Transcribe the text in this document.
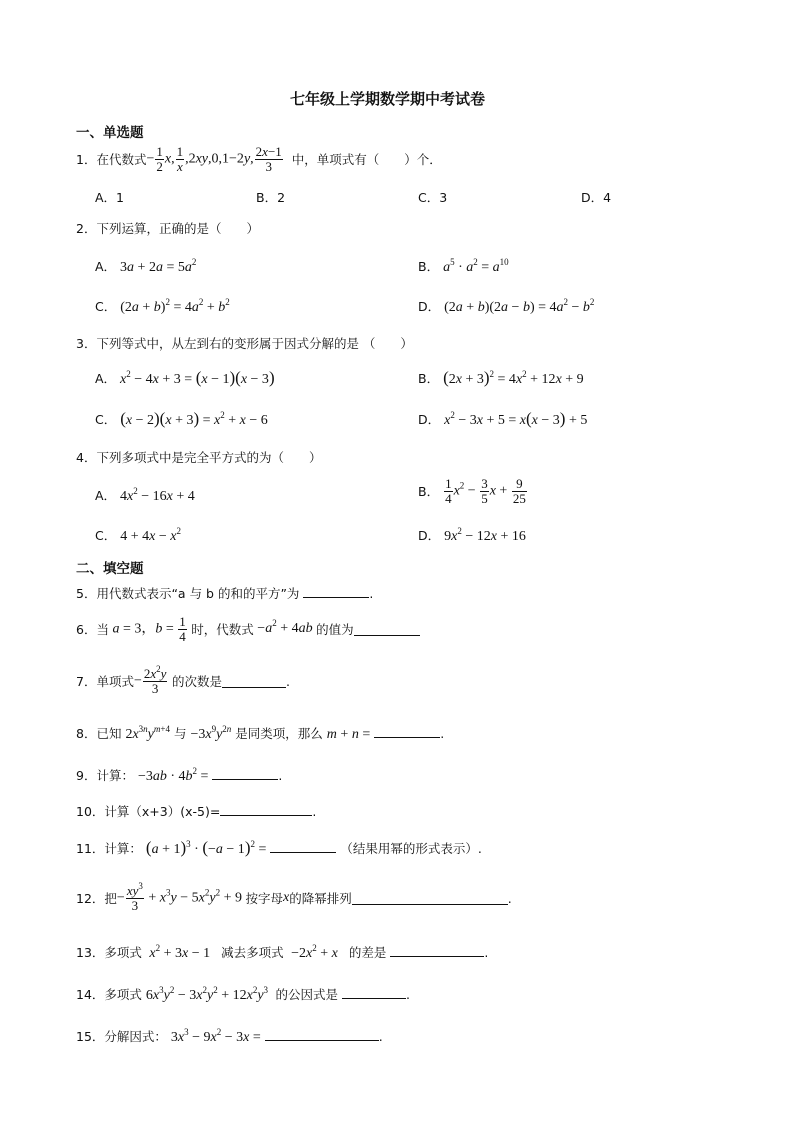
七年级上学期数学期中考试卷
一、单选题
1． 在代数式 − $\frac{1}{2} x$, $\frac{1}{x} ,2xy,0,1-2y$, $\frac{2x-1}{3}$ 中，单项式有（　　）个．
A．1	B．2	C．3	D．4
2．下列运算，正确的是（　　）
A． $3a + 2a = 5a^2$	B． $a^5 \cdot a^2 = a^{10}$
C． $(2a + b)^2 = 4a^2 + b^2$	D． $(2a + b)(2a - b) = 4a^2 - b^2$
3．下列等式中，从左到右的变形属于因式分解的是 （　　）
A． $x^2 - 4x + 3 = (x - 1)(x - 3)$	B． $(2x + 3)^2 = 4x^2 + 12x + 9$
C． $(x - 2)(x + 3) = x^2 + x - 6$	D． $x^2 - 3x + 5 = x(x - 3) + 5$
4．下列多项式中是完全平方式的为（　　）
A． $4x^2 - 16x + 4$	B． $\frac{1}{4} x^2 - \frac{3}{5}$ $x + \frac{9}{25}$
C． $4 + 4x - x^2$	D． $9x^2 - 12x + 16$
二、填空题
5．用代数式表示“a 与 b 的和的平方”为	.
6． 当 a = 3，$b = \frac{1}{4}$
时，代数式 $-a^2 + 4ab$ 的值为
7． 单项式 − $\frac{2x^2y}{3}$
的次数是	.
8．已知 $2x^{3n}y^{m+4}$ 与 $-3x^9y^{2n}$ 是同类项，那么 m + n =	.
9．计算： $-3ab \cdot 4b^2$ =	.
10．计算（x+3）(x-5)=	.
11．计算： $(a + 1)^3 \cdot (-a - 1)^2$ =	（结果用幂的形式表示）.
12． 把 − $\frac{xy^3}{3} + x^3y - 5x^2y^2 + 9$ 按字母 x 的降幂排列	.
13．多项式 $x^2 + 3x - 1$   减去多项式  $-2x^2 + x$ 的差是	.
14．多项式 $6x^3y^2 - 3x^2y^2 + 12x^2y^3$ 的公因式是	.
15．分解因式： $3x^3 - 9x^2 - 3x$ =	.
